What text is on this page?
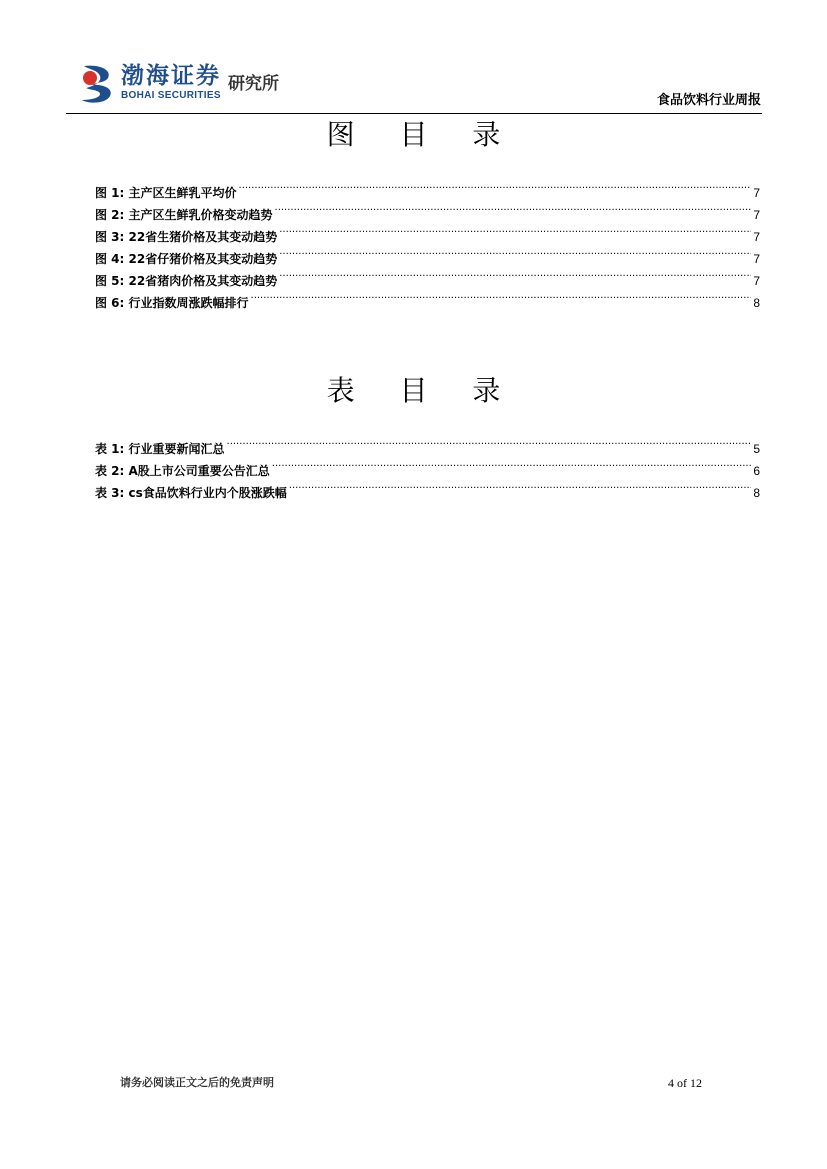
渤海证券
BOHAI SECURITIES
研究所
食品饮料行业周报
图 目 录
图 1: 主产区生鲜乳平均价 .....	7
图 2: 主产区生鲜乳价格变动趋势 .....	7
图 3: 22省生猪价格及其变动趋势 .....	7
图 4: 22省仔猪价格及其变动趋势 .....	7
图 5: 22省猪肉价格及其变动趋势 .....	7
图 6: 行业指数周涨跌幅排行 .....	8
表 目 录
表 1: 行业重要新闻汇总 .....	5
表 2: A股上市公司重要公告汇总 .....	6
表 3: cs食品饮料行业内个股涨跌幅 .....	8
请务必阅读正文之后的免责声明	4 of 12
